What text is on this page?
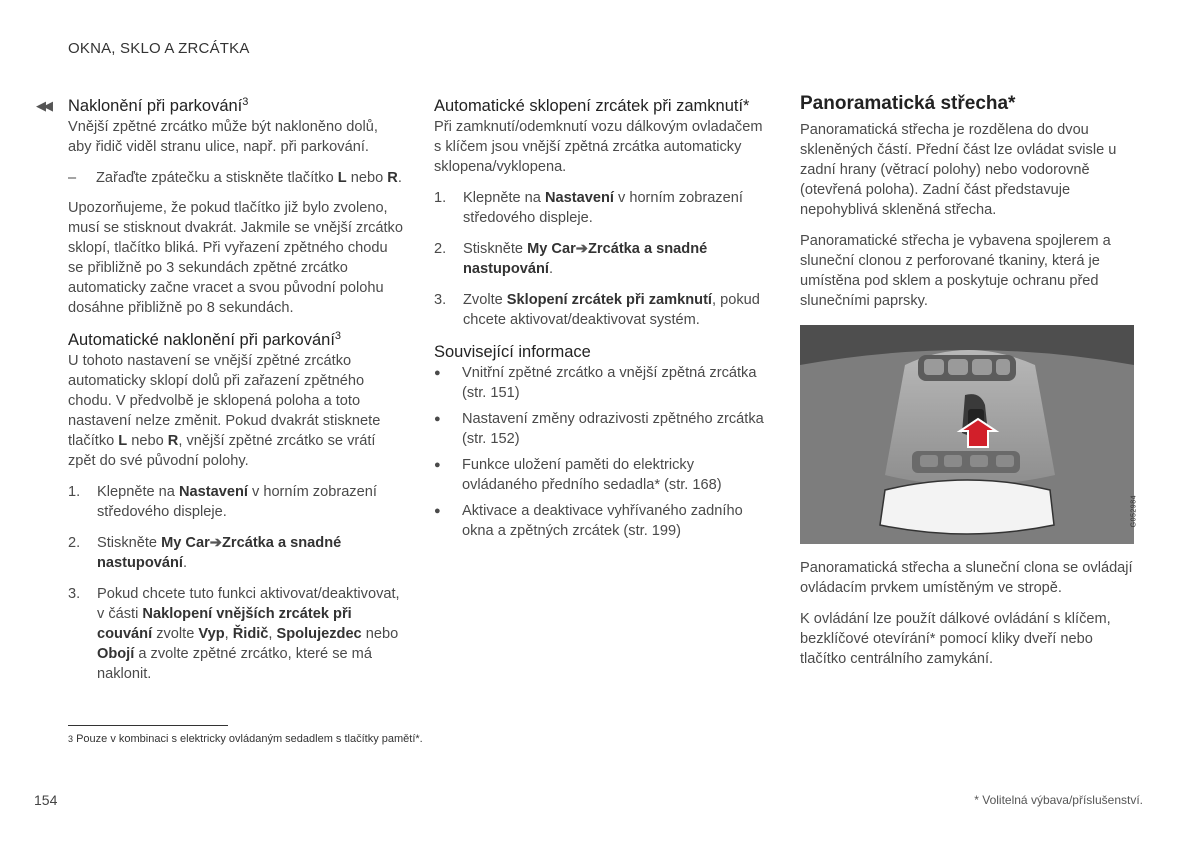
OKNA, SKLO A ZRCÁTKA
◀◀ Naklonění při parkování$^3$

Vnější zpětné zrcátko může být nakloněno dolů, aby řidič viděl stranu ulice, např. při parkování.

–	Zařaďte zpátečku a stiskněte tlačítko L nebo R.

Upozorňujeme, že pokud tlačítko již bylo zvoleno, musí se stisknout dvakrát. Jakmile se vnější zrcátko sklopí, tlačítko bliká. Při vyřazení zpětného chodu se přibližně po 3 sekundách zpětné zrcátko automaticky začne vracet a svou původní polohu dosáhne přibližně po 8 sekundách.

Automatické naklonění při parkování$^3$

U tohoto nastavení se vnější zpětné zrcátko automaticky sklopí dolů při zařazení zpětného chodu. V předvolbě je sklopená poloha a toto nastavení nelze změnit. Pokud dvakrát stisknete tlačítko L nebo R, vnější zpětné zrcátko se vrátí zpět do své původní polohy.

1.	Klepněte na Nastavení v horním zobrazení středového displeje.
2.	Stiskněte My Car➔Zrcátka a snadné nastupování.
3.	Pokud chcete tuto funkci aktivovat/deaktivovat, v části Naklopení vnějších zrcátek při couvání zvolte Vyp, Řidič, Spolujezdec nebo Obojí a zvolte zpětné zrcátko, které se má naklonit.
Automatické sklopení zrcátek při zamknutí*

Při zamknutí/odemknutí vozu dálkovým ovladačem s klíčem jsou vnější zpětná zrcátka automaticky sklopena/vyklopena.

1.	Klepněte na Nastavení v horním zobrazení středového displeje.
2.	Stiskněte My Car➔Zrcátka a snadné nastupování.
3.	Zvolte Sklopení zrcátek při zamknutí, pokud chcete aktivovat/deaktivovat systém.
Související informace
●	Vnitřní zpětné zrcátko a vnější zpětná zrcátka (str. 151)
●	Nastavení změny odrazivosti zpětného zrcátka (str. 152)
●	Funkce uložení paměti do elektricky ovládaného předního sedadla* (str. 168)
●	Aktivace a deaktivace vyhřívaného zadního okna a zpětných zrcátek (str. 199)
Panoramatická střecha*

Panoramatická střecha je rozdělena do dvou skleněných částí. Přední část lze ovládat svisle u zadní hrany (větrací polohy) nebo vodorovně (otevřená poloha). Zadní část představuje nepohyblivá skleněná střecha.

Panoramatické střecha je vybavena spojlerem a sluneční clonou z perforované tkaniny, která je umístěna pod sklem a poskytuje ochranu před slunečními paprsky.

G052984

Panoramatická střecha a sluneční clona se ovládají ovládacím prvkem umístěným ve stropě.

K ovládání lze použít dálkové ovládání s klíčem, bezklíčové otevírání* pomocí kliky dveří nebo tlačítko centrálního zamykání.

3 Pouze v kombinaci s elektricky ovládaným sedadlem s tlačítky pamětí*.
154	* Volitelná výbava/příslušenství.
